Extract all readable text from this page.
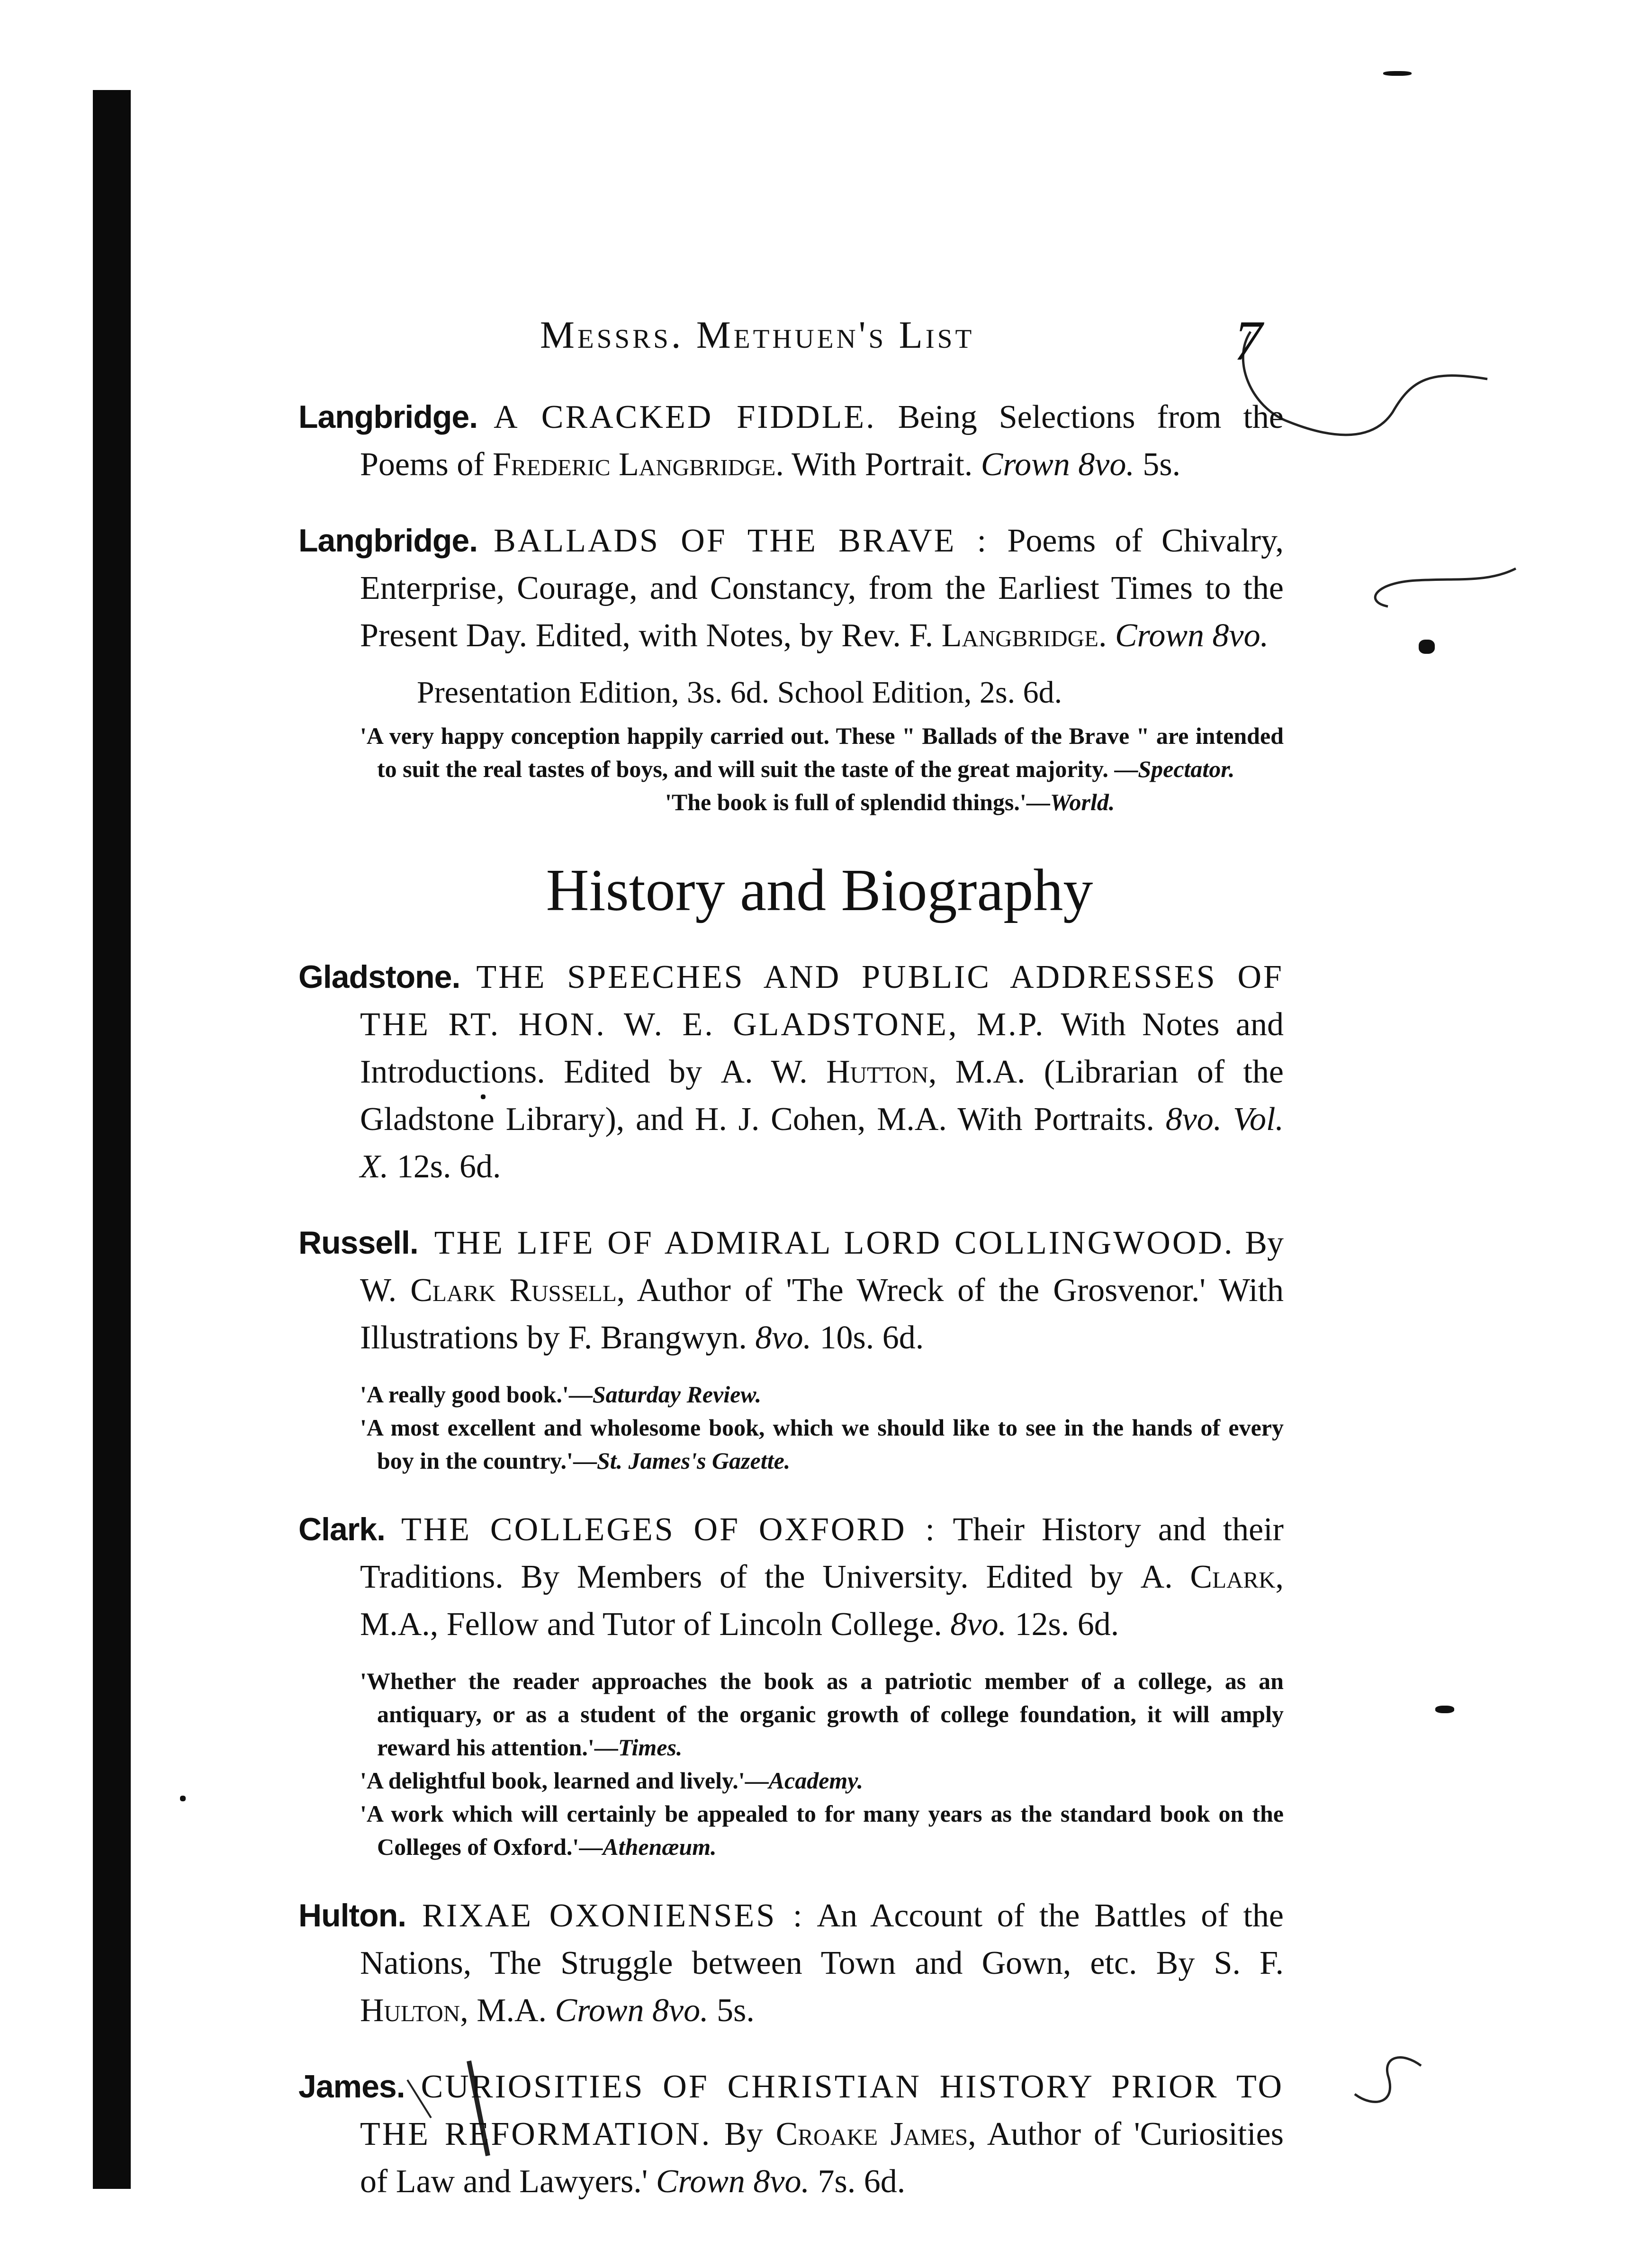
7
Messrs. Methuen's List

Langbridge. A CRACKED FIDDLE. Being Selections from the Poems of Frederic Langbridge. With Portrait. Crown 8vo. 5s.

Langbridge. BALLADS OF THE BRAVE : Poems of Chivalry, Enterprise, Courage, and Constancy, from the Earliest Times to the Present Day. Edited, with Notes, by Rev. F. Langbridge. Crown 8vo.

Presentation Edition, 3s. 6d. School Edition, 2s. 6d.

'A very happy conception happily carried out. These " Ballads of the Brave " are intended to suit the real tastes of boys, and will suit the taste of the great majority. —Spectator.

'The book is full of splendid things.'—World.

History and Biography

Gladstone. THE SPEECHES AND PUBLIC ADDRESSES OF THE RT. HON. W. E. GLADSTONE, M.P. With Notes and Introductions. Edited by A. W. Hutton, M.A. (Librarian of the Gladstone Library), and H. J. Cohen, M.A. With Portraits. 8vo. Vol. X. 12s. 6d.

Russell. THE LIFE OF ADMIRAL LORD COLLINGWOOD. By W. Clark Russell, Author of 'The Wreck of the Grosvenor.' With Illustrations by F. Brangwyn. 8vo. 10s. 6d.

'A really good book.'—Saturday Review.

'A most excellent and wholesome book, which we should like to see in the hands of every boy in the country.'—St. James's Gazette.

Clark. THE COLLEGES OF OXFORD : Their History and their Traditions. By Members of the University. Edited by A. Clark, M.A., Fellow and Tutor of Lincoln College. 8vo. 12s. 6d.

'Whether the reader approaches the book as a patriotic member of a college, as an antiquary, or as a student of the organic growth of college foundation, it will amply reward his attention.'—Times.

'A delightful book, learned and lively.'—Academy.

'A work which will certainly be appealed to for many years as the standard book on the Colleges of Oxford.'—Athenæum.

Hulton. RIXAE OXONIENSES : An Account of the Battles of the Nations, The Struggle between Town and Gown, etc. By S. F. Hulton, M.A. Crown 8vo. 5s.

James. CURIOSITIES OF CHRISTIAN HISTORY PRIOR TO THE REFORMATION. By Croake James, Author of 'Curiosities of Law and Lawyers.' Crown 8vo. 7s. 6d.
